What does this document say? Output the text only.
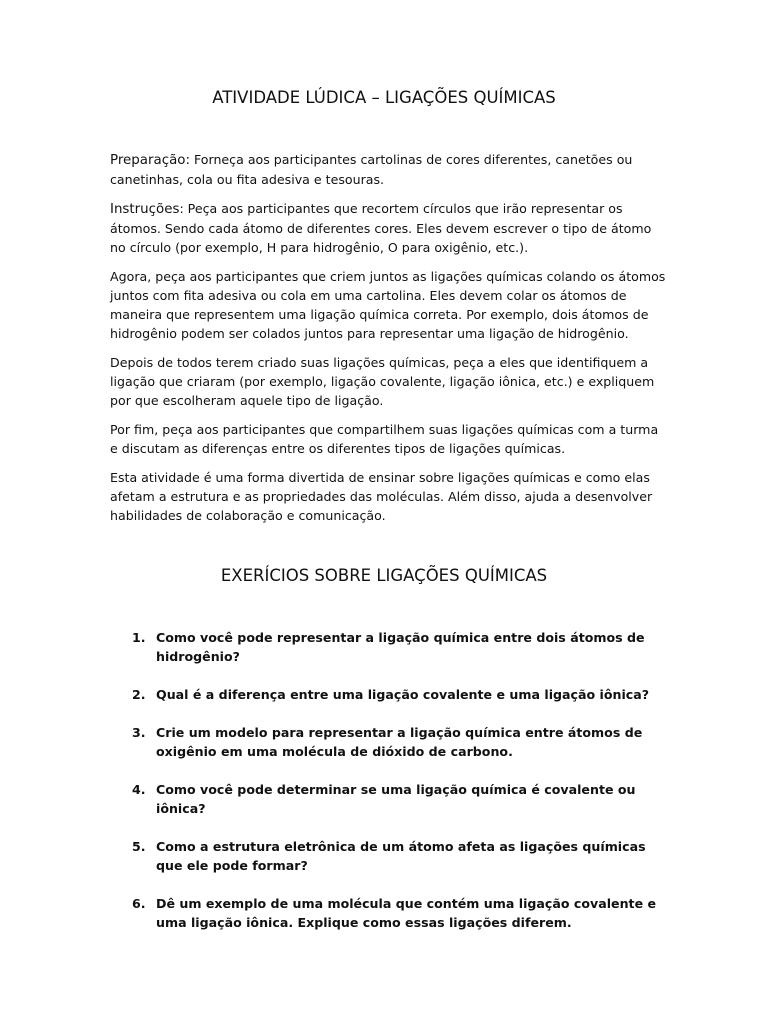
ATIVIDADE LÚDICA – LIGAÇÕES QUÍMICAS

Preparação: Forneça aos participantes cartolinas de cores diferentes, canetões ou canetinhas, cola ou fita adesiva e tesouras.

Instruções: Peça aos participantes que recortem círculos que irão representar os átomos. Sendo cada átomo de diferentes cores. Eles devem escrever o tipo de átomo no círculo (por exemplo, H para hidrogênio, O para oxigênio, etc.).

Agora, peça aos participantes que criem juntos as ligações químicas colando os átomos juntos com fita adesiva ou cola em uma cartolina. Eles devem colar os átomos de maneira que representem uma ligação química correta. Por exemplo, dois átomos de hidrogênio podem ser colados juntos para representar uma ligação de hidrogênio.

Depois de todos terem criado suas ligações químicas, peça a eles que identifiquem a ligação que criaram (por exemplo, ligação covalente, ligação iônica, etc.) e expliquem por que escolheram aquele tipo de ligação.

Por fim, peça aos participantes que compartilhem suas ligações químicas com a turma e discutam as diferenças entre os diferentes tipos de ligações químicas.

Esta atividade é uma forma divertida de ensinar sobre ligações químicas e como elas afetam a estrutura e as propriedades das moléculas. Além disso, ajuda a desenvolver habilidades de colaboração e comunicação.

EXERÍCIOS SOBRE LIGAÇÕES QUÍMICAS
1. Como você pode representar a ligação química entre dois átomos de hidrogênio?
2. Qual é a diferença entre uma ligação covalente e uma ligação iônica?
3. Crie um modelo para representar a ligação química entre átomos de oxigênio em uma molécula de dióxido de carbono.
4. Como você pode determinar se uma ligação química é covalente ou iônica?
5. Como a estrutura eletrônica de um átomo afeta as ligações químicas que ele pode formar?
6. Dê um exemplo de uma molécula que contém uma ligação covalente e uma ligação iônica. Explique como essas ligações diferem.
